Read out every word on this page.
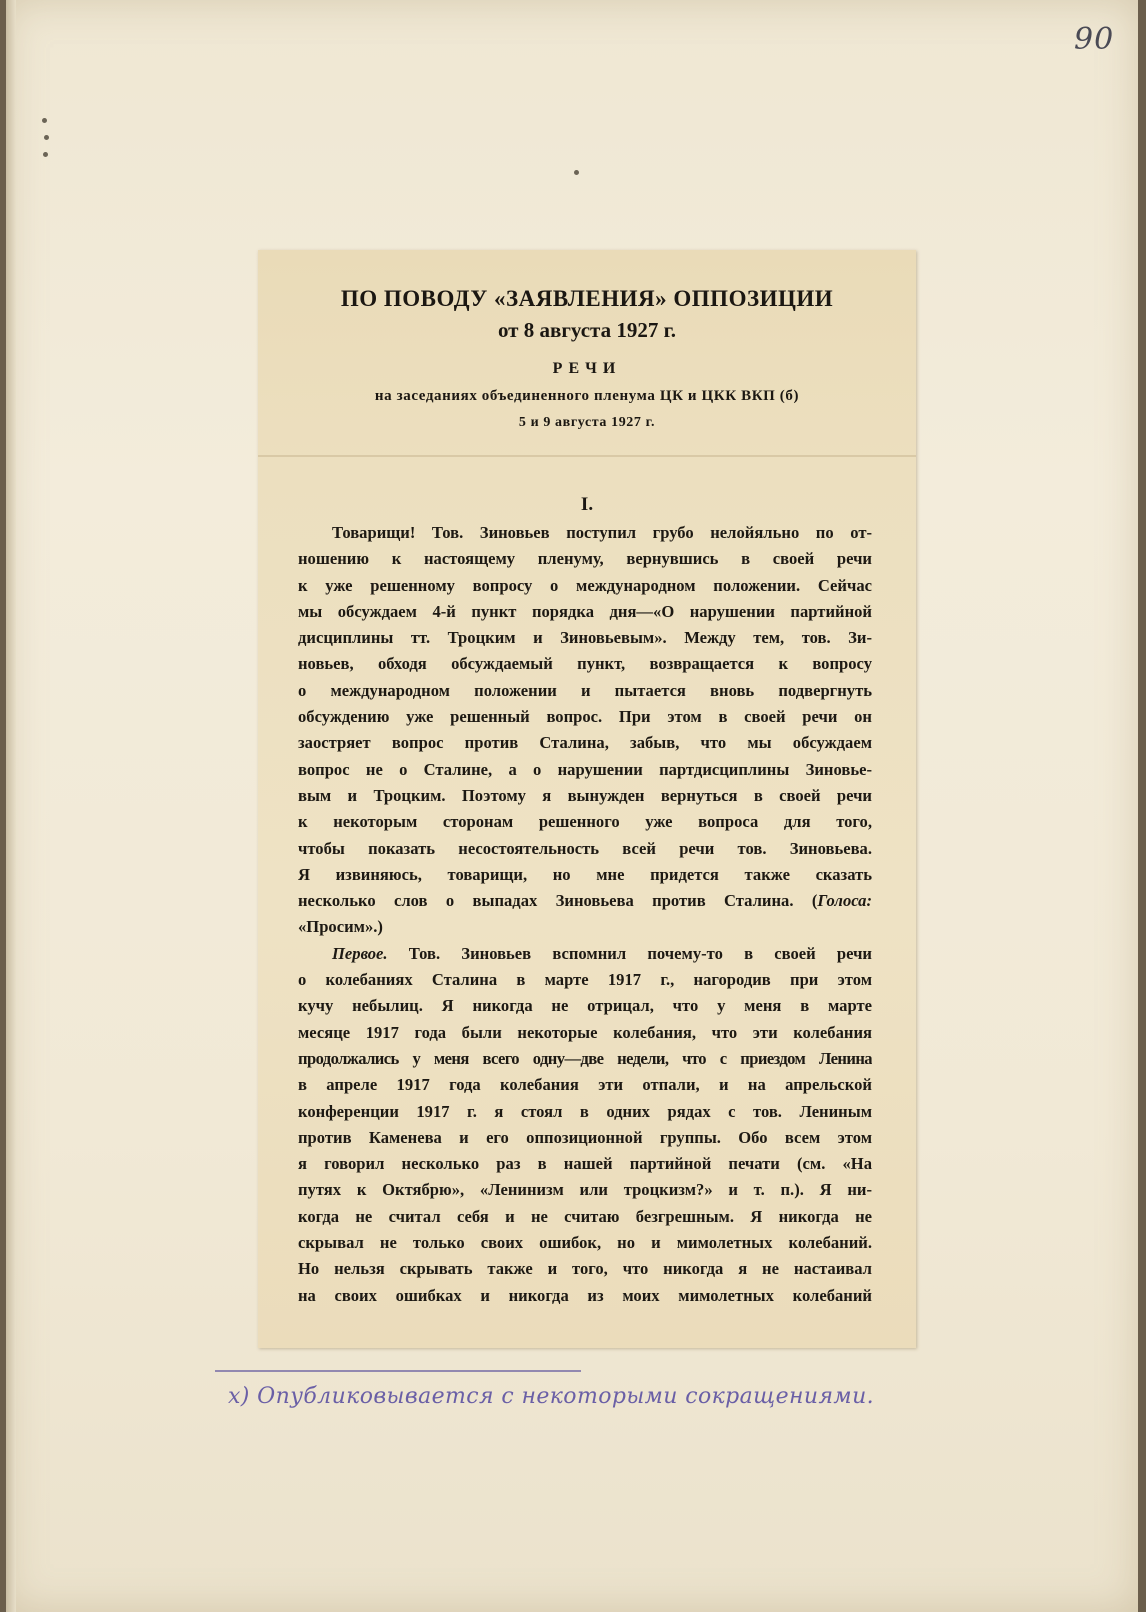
90
ПО ПОВОДУ «ЗАЯВЛЕНИЯ» ОППОЗИЦИИ
от 8 августа 1927 г.
РЕЧИ
на заседаниях объединенного пленума ЦК и ЦКК ВКП (б)
5 и 9 августа 1927 г.
I.
Товарищи! Тов. Зиновьев поступил грубо нелойяльно по от-
ношению к настоящему пленуму, вернувшись в своей речи
к уже решенному вопросу о международном положении. Сейчас
мы обсуждаем 4-й пункт порядка дня—«О нарушении партийной
дисциплины тт. Троцким и Зиновьевым». Между тем, тов. Зи-
новьев, обходя обсуждаемый пункт, возвращается к вопросу
о международном положении и пытается вновь подвергнуть
обсуждению уже решенный вопрос. При этом в своей речи он
заостряет вопрос против Сталина, забыв, что мы обсуждаем
вопрос не о Сталине, а о нарушении партдисциплины Зиновье-
вым и Троцким. Поэтому я вынужден вернуться в своей речи
к некоторым сторонам решенного уже вопроса для того,
чтобы показать несостоятельность всей речи тов. Зиновьева.
Я извиняюсь, товарищи, но мне придется также сказать
несколько слов о выпадах Зиновьева против Сталина. (Голоса:
«Просим».)
Первое. Тов. Зиновьев вспомнил почему-то в своей речи
о колебаниях Сталина в марте 1917 г., нагородив при этом
кучу небылиц. Я никогда не отрицал, что у меня в марте
месяце 1917 года были некоторые колебания, что эти колебания
продолжались у меня всего одну—две недели, что с приездом Ленина
в апреле 1917 года колебания эти отпали, и на апрельской
конференции 1917 г. я стоял в одних рядах с тов. Лениным
против Каменева и его оппозиционной группы. Обо всем этом
я говорил несколько раз в нашей партийной печати (см. «На
путях к Октябрю», «Ленинизм или троцкизм?» и т. п.). Я ни-
когда не считал себя и не считаю безгрешным. Я никогда не
скрывал не только своих ошибок, но и мимолетных колебаний.
Но нельзя скрывать также и того, что никогда я не настаивал
на своих ошибках и никогда из моих мимолетных колебаний
х) Опубликовывается с некоторыми сокращениями.
